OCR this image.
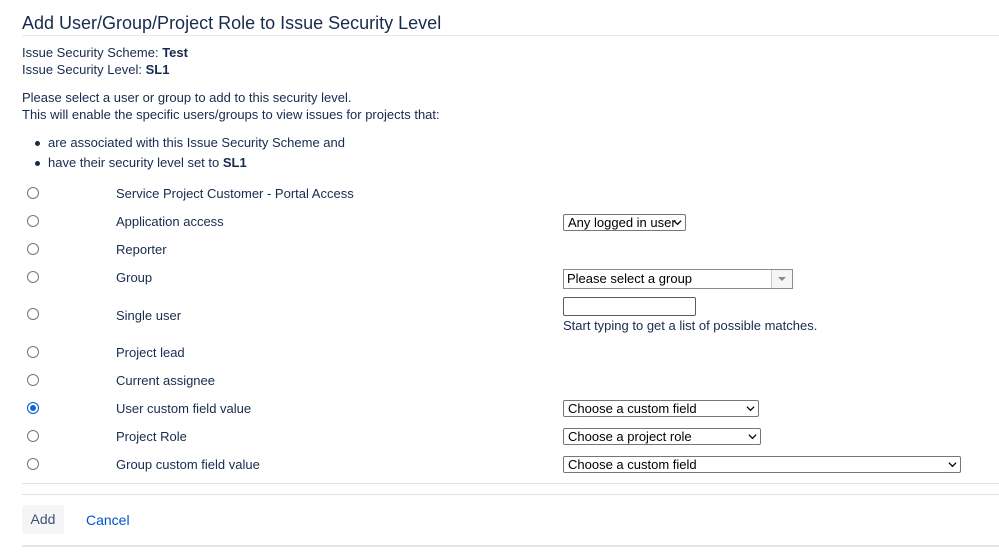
Add User/Group/Project Role to Issue Security Level
Issue Security Scheme: Test
Issue Security Level: SL1
Please select a user or group to add to this security level.
This will enable the specific users/groups to view issues for projects that:
are associated with this Issue Security Scheme and
have their security level set to SL1
Service Project Customer - Portal Access
Application access	Any logged in user
Reporter
Group	Please select a group
Single user
Start typing to get a list of possible matches.
Project lead
Current assignee
User custom field value	Choose a custom field
Project Role	Choose a project role
Group custom field value	Choose a custom field
Add	Cancel
